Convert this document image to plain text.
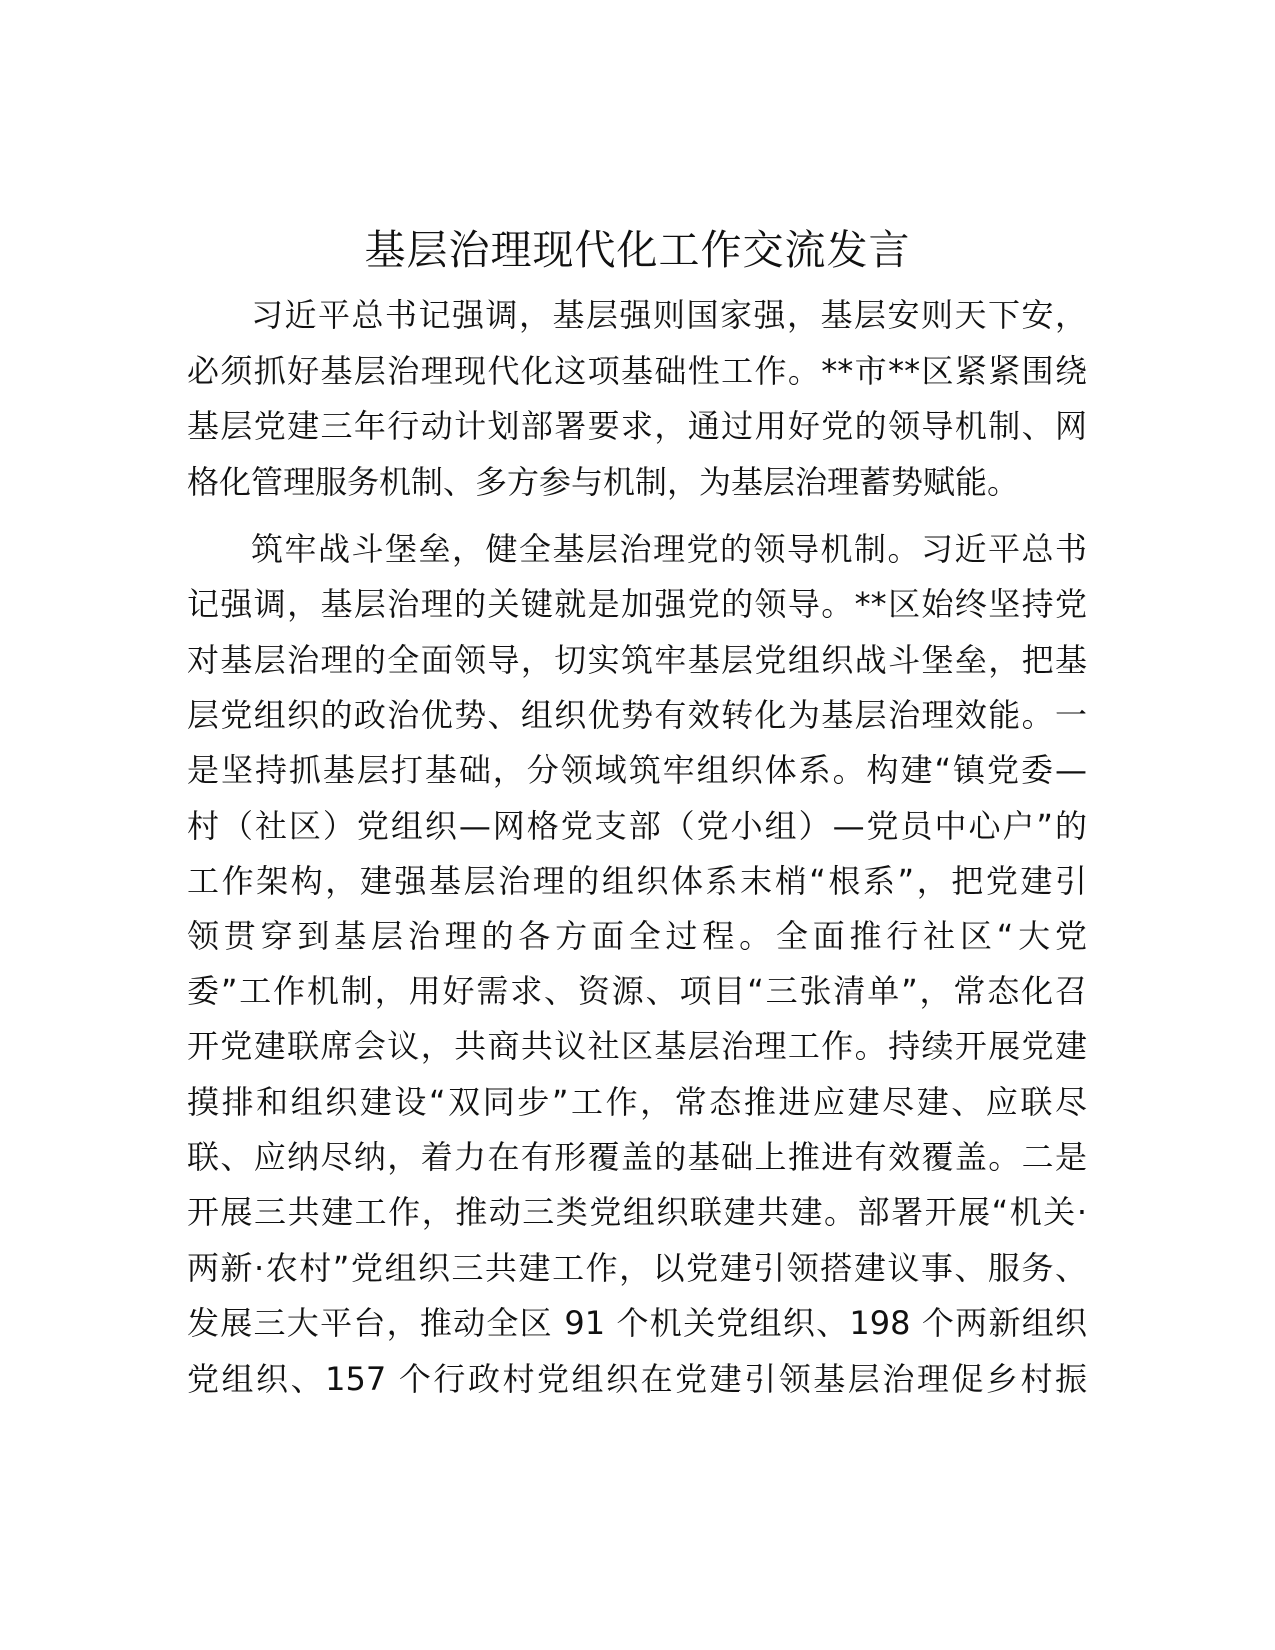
基层治理现代化工作交流发言

习近平总书记强调，基层强则国家强，基层安则天下安，

必须抓好基层治理现代化这项基础性工作。**市**区紧紧围绕

基层党建三年行动计划部署要求，通过用好党的领导机制、网

格化管理服务机制、多方参与机制，为基层治理蓄势赋能。

筑牢战斗堡垒，健全基层治理党的领导机制。习近平总书

记强调，基层治理的关键就是加强党的领导。**区始终坚持党

对基层治理的全面领导，切实筑牢基层党组织战斗堡垒，把基

层党组织的政治优势、组织优势有效转化为基层治理效能。一

是坚持抓基层打基础，分领域筑牢组织体系。构建“镇党委—

村（社区）党组织—网格党支部（党小组）—党员中心户”的

工作架构，建强基层治理的组织体系末梢“根系”，把党建引

领贯穿到基层治理的各方面全过程。全面推行社区“大党

委”工作机制，用好需求、资源、项目“三张清单”，常态化召

开党建联席会议，共商共议社区基层治理工作。持续开展党建

摸排和组织建设“双同步”工作，常态推进应建尽建、应联尽

联、应纳尽纳，着力在有形覆盖的基础上推进有效覆盖。二是

开展三共建工作，推动三类党组织联建共建。部署开展“机关·

两新·农村”党组织三共建工作，以党建引领搭建议事、服务、

发展三大平台，推动全区 91 个机关党组织、198 个两新组织

党组织、157 个行政村党组织在党建引领基层治理促乡村振
